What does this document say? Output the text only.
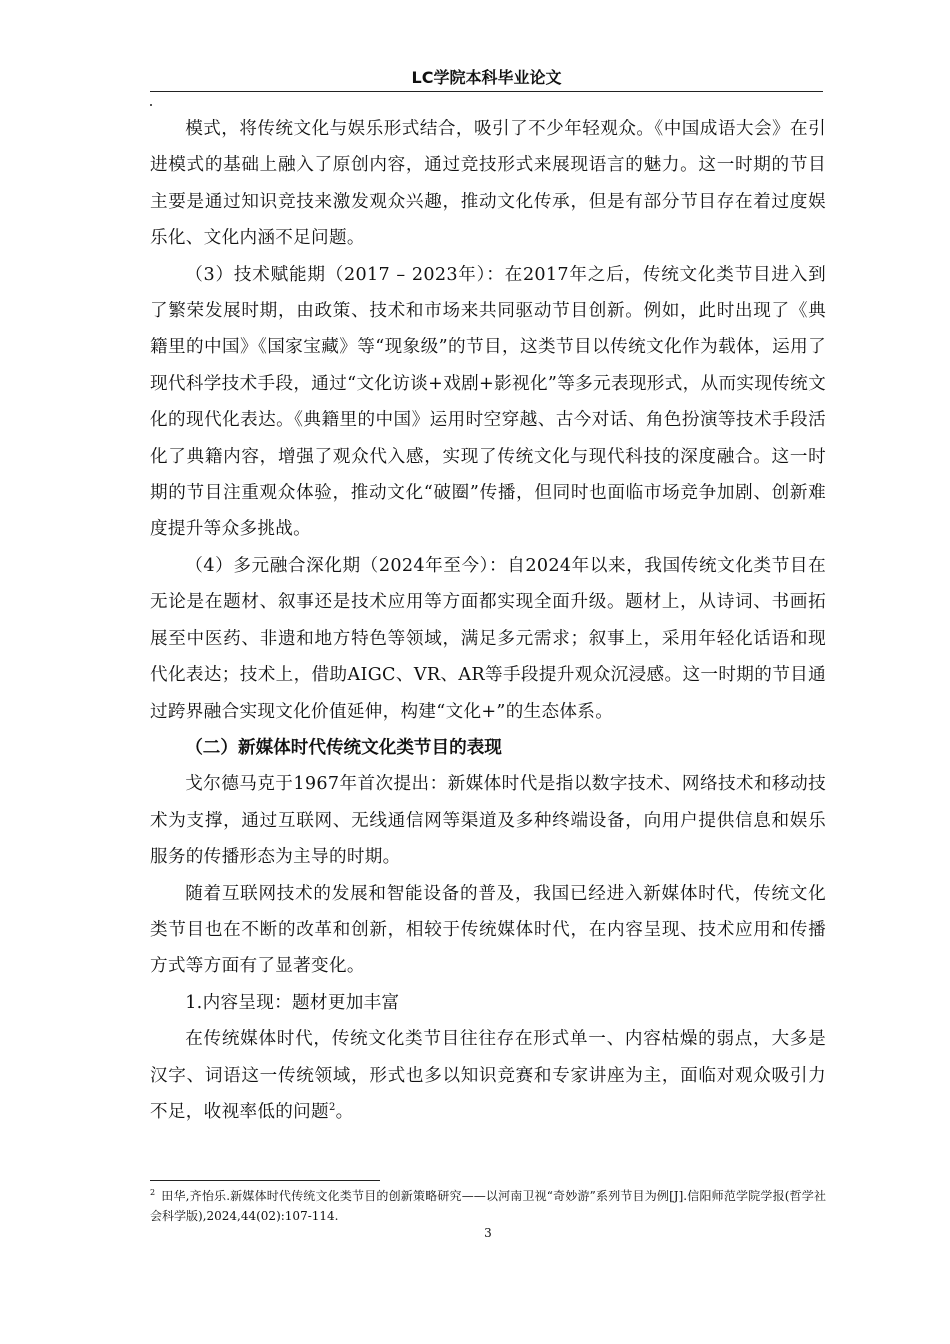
LC学院本科毕业论文

模式，将传统文化与娱乐形式结合，吸引了不少年轻观众。《中国成语大会》在引进模式的基础上融入了原创内容，通过竞技形式来展现语言的魅力。这一时期的节目主要是通过知识竞技来激发观众兴趣，推动文化传承，但是有部分节目存在着过度娱乐化、文化内涵不足问题。

（3）技术赋能期（2017 – 2023年）：在2017年之后，传统文化类节目进入到了繁荣发展时期，由政策、技术和市场来共同驱动节目创新。例如，此时出现了《典籍里的中国》《国家宝藏》等“现象级”的节目，这类节目以传统文化作为载体，运用了现代科学技术手段，通过“文化访谈+戏剧+影视化”等多元表现形式，从而实现传统文化的现代化表达。《典籍里的中国》运用时空穿越、古今对话、角色扮演等技术手段活化了典籍内容，增强了观众代入感，实现了传统文化与现代科技的深度融合。这一时期的节目注重观众体验，推动文化“破圈”传播，但同时也面临市场竞争加剧、创新难度提升等众多挑战。

（4）多元融合深化期（2024年至今）：自2024年以来，我国传统文化类节目在无论是在题材、叙事还是技术应用等方面都实现全面升级。题材上，从诗词、书画拓展至中医药、非遗和地方特色等领域，满足多元需求；叙事上，采用年轻化话语和现代化表达；技术上，借助AIGC、VR、AR等手段提升观众沉浸感。这一时期的节目通过跨界融合实现文化价值延伸，构建“文化+”的生态体系。

（二）新媒体时代传统文化类节目的表现

戈尔德马克于1967年首次提出：新媒体时代是指以数字技术、网络技术和移动技术为支撑，通过互联网、无线通信网等渠道及多种终端设备，向用户提供信息和娱乐服务的传播形态为主导的时期。

随着互联网技术的发展和智能设备的普及，我国已经进入新媒体时代，传统文化类节目也在不断的改革和创新，相较于传统媒体时代，在内容呈现、技术应用和传播方式等方面有了显著变化。

1.内容呈现：题材更加丰富

在传统媒体时代，传统文化类节目往往存在形式单一、内容枯燥的弱点，大多是汉字、词语这一传统领域，形式也多以知识竞赛和专家讲座为主，面临对观众吸引力不足，收视率低的问题$^2$。

$^2$ 田华,齐怡乐.新媒体时代传统文化类节目的创新策略研究——以河南卫视“奇妙游”系列节目为例[J].信阳师范学院学报(哲学社会科学版),2024,44(02):107-114.
3
